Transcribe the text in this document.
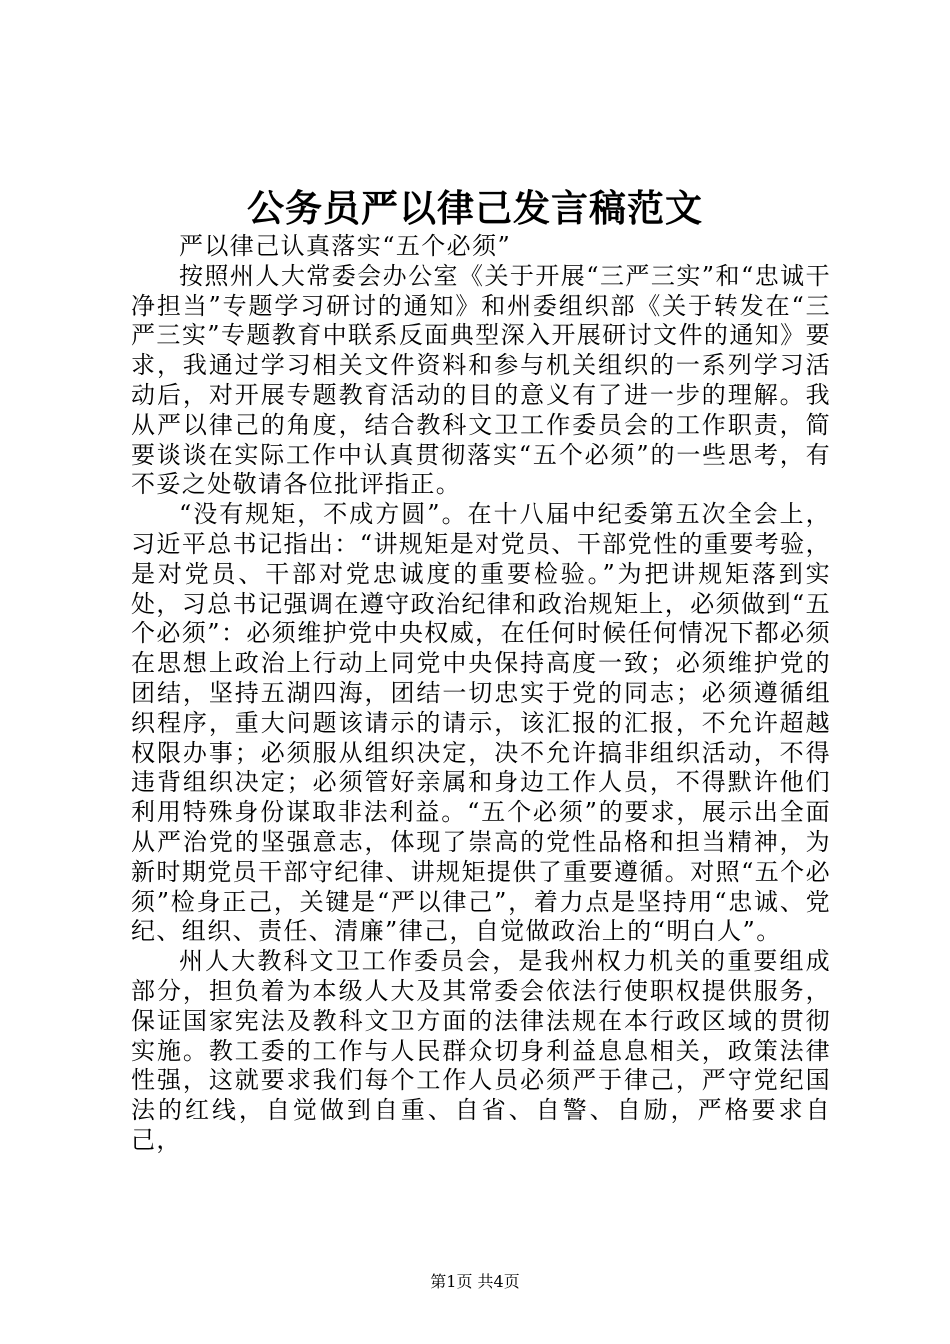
公务员严以律己发言稿范文

严以律己认真落实“五个必须”

按照州人大常委会办公室《关于开展“三严三实”和“忠诚干净担当”专题学习研讨的通知》和州委组织部《关于转发在“三严三实”专题教育中联系反面典型深入开展研讨文件的通知》要求，我通过学习相关文件资料和参与机关组织的一系列学习活动后，对开展专题教育活动的目的意义有了进一步的理解。我从严以律己的角度，结合教科文卫工作委员会的工作职责，简要谈谈在实际工作中认真贯彻落实“五个必须”的一些思考，有不妥之处敬请各位批评指正。

“没有规矩，不成方圆”。在十八届中纪委第五次全会上，习近平总书记指出：“讲规矩是对党员、干部党性的重要考验，是对党员、干部对党忠诚度的重要检验。”为把讲规矩落到实处，习总书记强调在遵守政治纪律和政治规矩上，必须做到“五个必须”：必须维护党中央权威，在任何时候任何情况下都必须在思想上政治上行动上同党中央保持高度一致；必须维护党的团结，坚持五湖四海，团结一切忠实于党的同志；必须遵循组织程序，重大问题该请示的请示，该汇报的汇报，不允许超越权限办事；必须服从组织决定，决不允许搞非组织活动，不得违背组织决定；必须管好亲属和身边工作人员，不得默许他们利用特殊身份谋取非法利益。“五个必须”的要求，展示出全面从严治党的坚强意志，体现了崇高的党性品格和担当精神，为新时期党员干部守纪律、讲规矩提供了重要遵循。对照“五个必须”检身正己，关键是“严以律己”，着力点是坚持用“忠诚、党纪、组织、责任、清廉”律己，自觉做政治上的“明白人”。

州人大教科文卫工作委员会，是我州权力机关的重要组成部分，担负着为本级人大及其常委会依法行使职权提供服务，保证国家宪法及教科文卫方面的法律法规在本行政区域的贯彻实施。教工委的工作与人民群众切身利益息息相关，政策法律性强，这就要求我们每个工作人员必须严于律己，严守党纪国法的红线，自觉做到自重、自省、自警、自励，严格要求自己，

第1页 共4页
